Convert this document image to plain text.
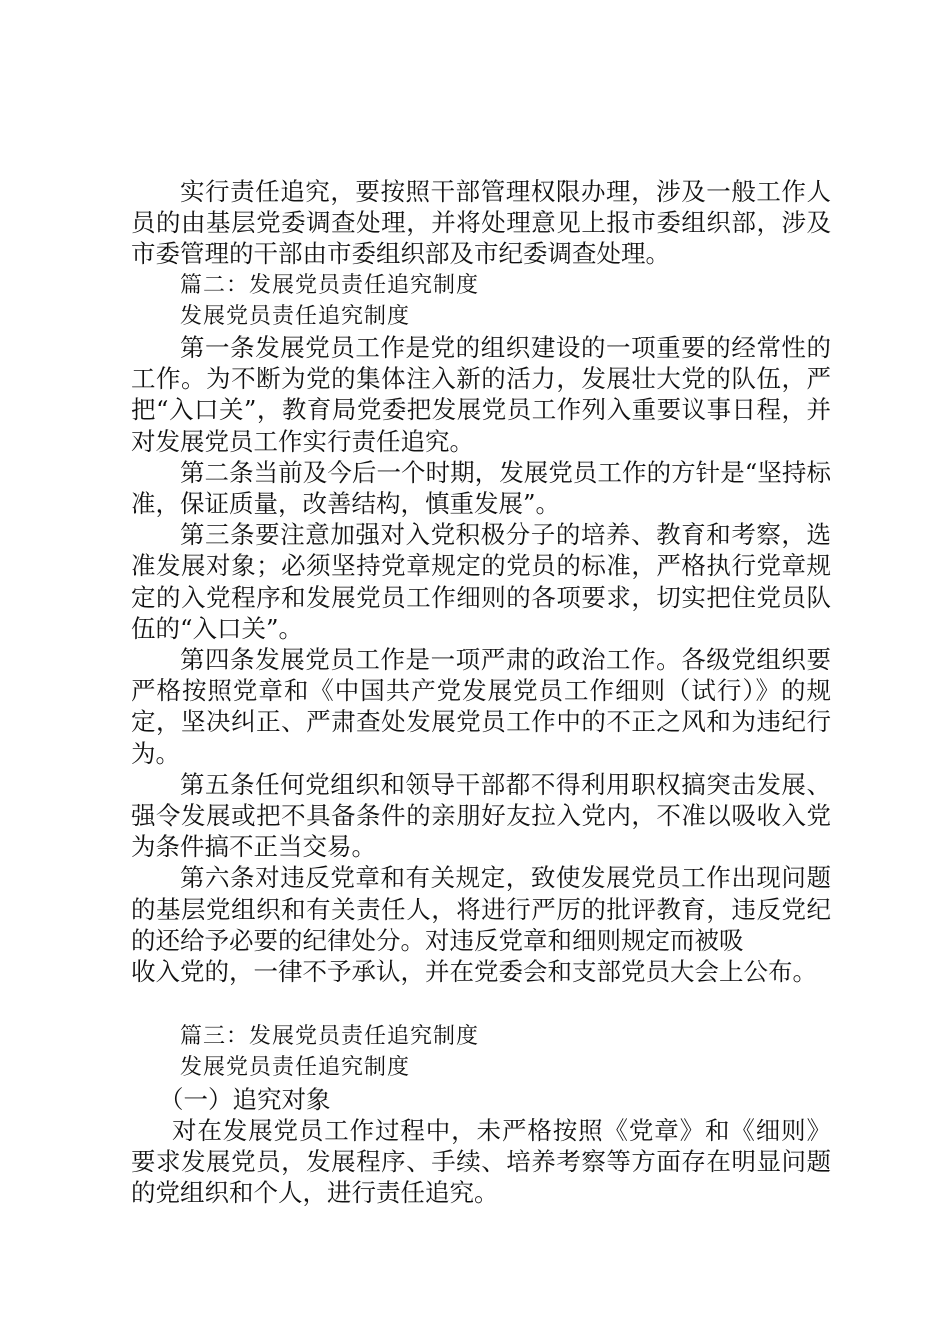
实行责任追究，要按照干部管理权限办理，涉及一般工作人员的由基层党委调查处理，并将处理意见上报市委组织部，涉及市委管理的干部由市委组织部及市纪委调查处理。

篇二：发展党员责任追究制度

发展党员责任追究制度

第一条发展党员工作是党的组织建设的一项重要的经常性的工作。为不断为党的集体注入新的活力，发展壮大党的队伍，严把“入口关”，教育局党委把发展党员工作列入重要议事日程，并对发展党员工作实行责任追究。

第二条当前及今后一个时期，发展党员工作的方针是“坚持标准，保证质量，改善结构，慎重发展”。

第三条要注意加强对入党积极分子的培养、教育和考察，选准发展对象；必须坚持党章规定的党员的标准，严格执行党章规定的入党程序和发展党员工作细则的各项要求，切实把住党员队伍的“入口关”。

第四条发展党员工作是一项严肃的政治工作。各级党组织要严格按照党章和《中国共产党发展党员工作细则（试行）》的规定，坚决纠正、严肃查处发展党员工作中的不正之风和为违纪行为。

第五条任何党组织和领导干部都不得利用职权搞突击发展、强令发展或把不具备条件的亲朋好友拉入党内，不准以吸收入党为条件搞不正当交易。

第六条对违反党章和有关规定，致使发展党员工作出现问题的基层党组织和有关责任人，将进行严厉的批评教育，违反党纪的还给予必要的纪律处分。对违反党章和细则规定而被吸

收入党的，一律不予承认，并在党委会和支部党员大会上公布。

篇三：发展党员责任追究制度

发展党员责任追究制度

（一）追究对象

对在发展党员工作过程中，未严格按照《党章》和《细则》要求发展党员，发展程序、手续、培养考察等方面存在明显问题的党组织和个人，进行责任追究。
